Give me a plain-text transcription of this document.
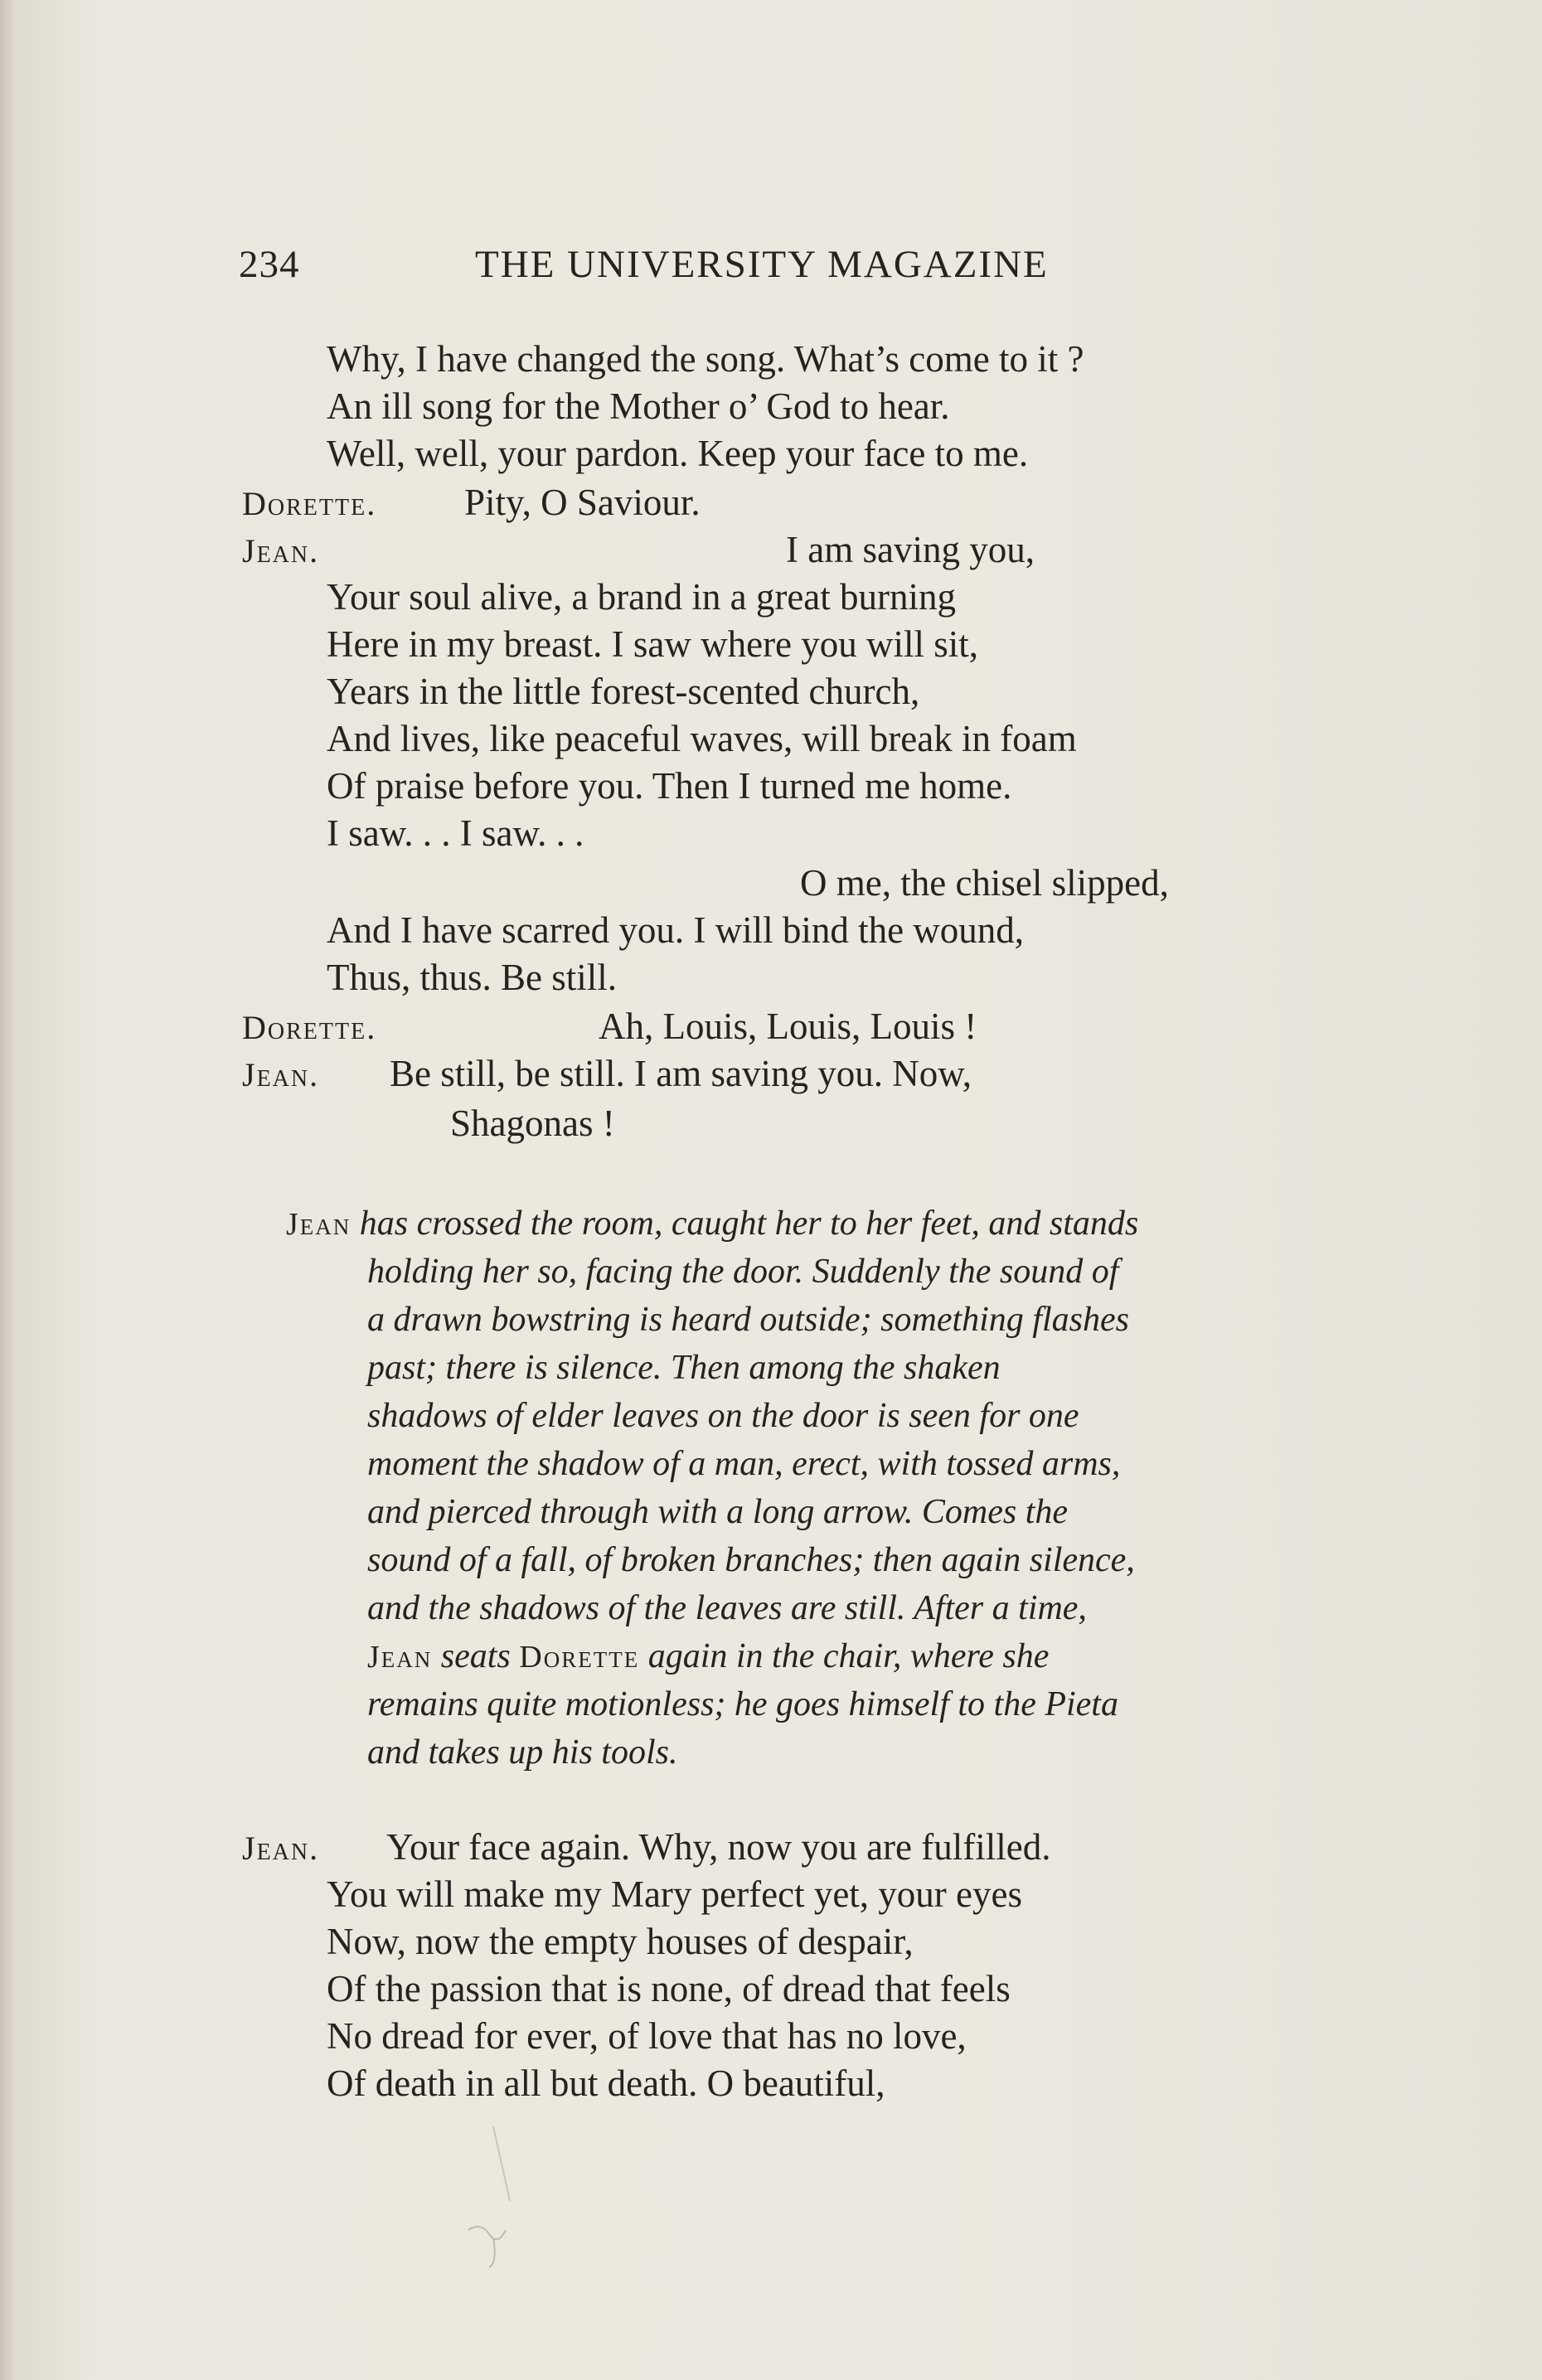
234	THE UNIVERSITY MAGAZINE
Why, I have changed the song. What’s come to it ?
An ill song for the Mother o’ God to hear.
Well, well, your pardon. Keep your face to me.
Dorette. Pity, O Saviour.
Jean.	I am saving you,
Your soul alive, a brand in a great burning
Here in my breast. I saw where you will sit,
Years in the little forest-scented church,
And lives, like peaceful waves, will break in foam
Of praise before you. Then I turned me home.
I saw. . . I saw. . .
O me, the chisel slipped,
And I have scarred you. I will bind the wound,
Thus, thus. Be still.
Dorette.	Ah, Louis, Louis, Louis !
Jean. Be still, be still. I am saving you. Now,
Shagonas !
Jean has crossed the room, caught her to her feet, and stands
holding her so, facing the door. Suddenly the sound of
a drawn bowstring is heard outside; something flashes
past; there is silence. Then among the shaken
shadows of elder leaves on the door is seen for one
moment the shadow of a man, erect, with tossed arms,
and pierced through with a long arrow. Comes the
sound of a fall, of broken branches; then again silence,
and the shadows of the leaves are still. After a time,
Jean seats Dorette again in the chair, where she
remains quite motionless; he goes himself to the Pieta
and takes up his tools.
Jean. Your face again. Why, now you are fulfilled.
You will make my Mary perfect yet, your eyes
Now, now the empty houses of despair,
Of the passion that is none, of dread that feels
No dread for ever, of love that has no love,
Of death in all but death. O beautiful,
